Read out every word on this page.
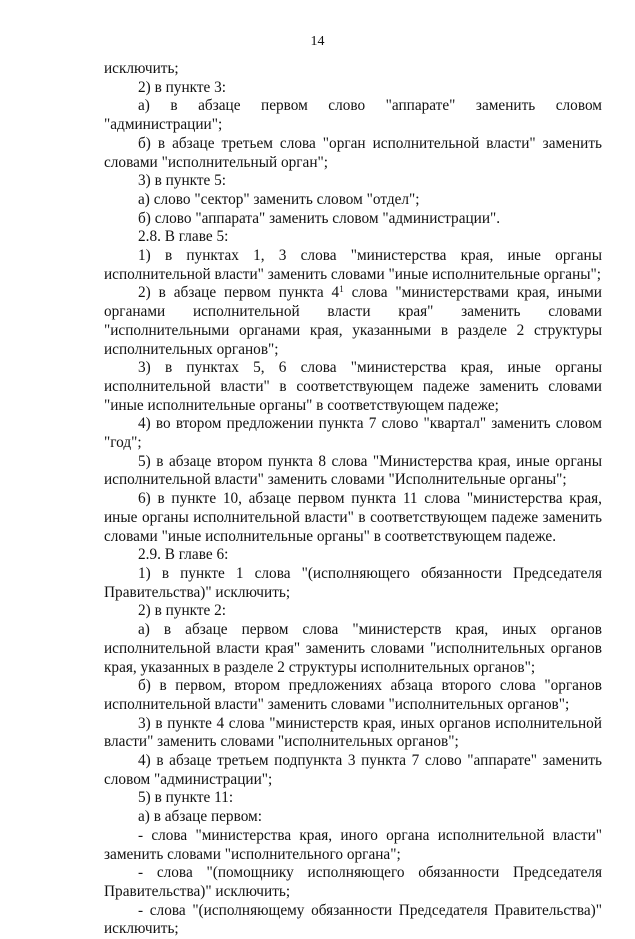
14

исключить;

2) в пункте 3:

а) в абзаце первом слово "аппарате" заменить словом "администрации";

б) в абзаце третьем слова "орган исполнительной власти" заменить словами "исполнительный орган";

3) в пункте 5:

а) слово "сектор" заменить словом "отдел";

б) слово "аппарата" заменить словом "администрации".

2.8. В главе 5:

1) в пунктах 1, 3 слова "министерства края, иные органы исполнительной власти" заменить словами "иные исполнительные органы";

2) в абзаце первом пункта $4^1$ слова "министерствами края, иными органами исполнительной власти края" заменить словами "исполнительными органами края, указанными в разделе 2 структуры исполнительных органов";

3) в пунктах 5, 6 слова "министерства края, иные органы исполнительной власти" в соответствующем падеже заменить словами "иные исполнительные органы" в соответствующем падеже;

4) во втором предложении пункта 7 слово "квартал" заменить словом "год";

5) в абзаце втором пункта 8 слова "Министерства края, иные органы исполнительной власти" заменить словами "Исполнительные органы";

6) в пункте 10, абзаце первом пункта 11 слова "министерства края, иные органы исполнительной власти" в соответствующем падеже заменить словами "иные исполнительные органы" в соответствующем падеже.

2.9. В главе 6:

1) в пункте 1 слова "(исполняющего обязанности Председателя Правительства)" исключить;

2) в пункте 2:

а) в абзаце первом слова "министерств края, иных органов исполнительной власти края" заменить словами "исполнительных органов края, указанных в разделе 2 структуры исполнительных органов";

б) в первом, втором предложениях абзаца второго слова "органов исполнительной власти" заменить словами "исполнительных органов";

3) в пункте 4 слова "министерств края, иных органов исполнительной власти" заменить словами "исполнительных органов";

4) в абзаце третьем подпункта 3 пункта 7 слово "аппарате" заменить словом "администрации";

5) в пункте 11:

а) в абзаце первом:

- слова "министерства края, иного органа исполнительной власти" заменить словами "исполнительного органа";

- слова "(помощнику исполняющего обязанности Председателя Правительства)" исключить;

- слова "(исполняющему обязанности Председателя Правительства)" исключить;
